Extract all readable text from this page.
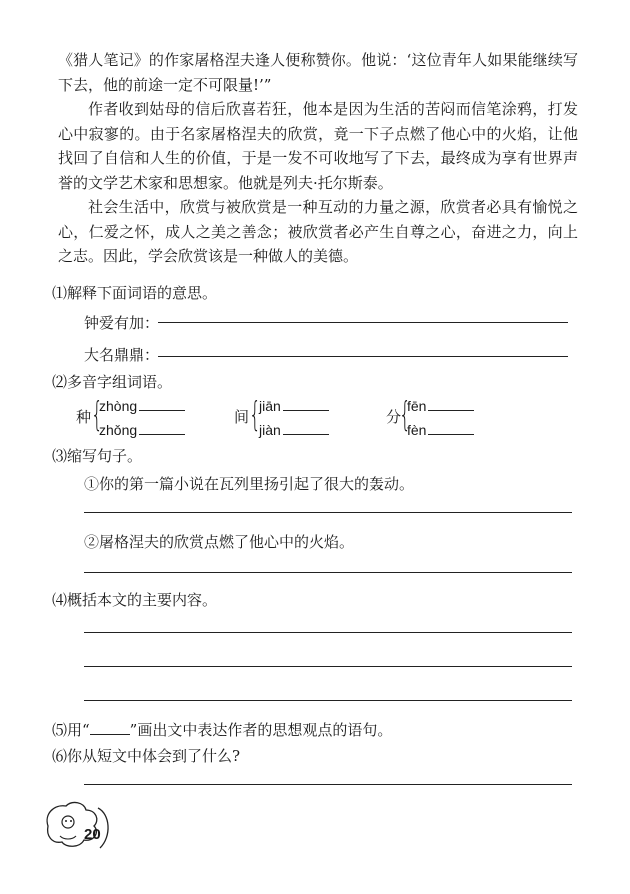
《猎人笔记》的作家屠格涅夫逢人便称赞你。他说：‘这位青年人如果能继续写下去，他的前途一定不可限量!’”

作者收到姑母的信后欣喜若狂，他本是因为生活的苦闷而信笔涂鸦，打发心中寂寥的。由于名家屠格涅夫的欣赏，竟一下子点燃了他心中的火焰，让他找回了自信和人生的价值，于是一发不可收地写了下去，最终成为享有世界声誉的文学艺术家和思想家。他就是列夫·托尔斯泰。

社会生活中，欣赏与被欣赏是一种互动的力量之源，欣赏者必具有愉悦之心，仁爱之怀，成人之美之善念；被欣赏者必产生自尊之心，奋进之力，向上之志。因此，学会欣赏该是一种做人的美德。

⑴解释下面词语的意思。

钟爱有加：

大名鼎鼎：

⑵多音字组词语。

种 {
zhòng
zhǒng
间 {
jiān
jiàn
分
{
fēn
fèn

⑶缩写句子。

①你的第一篇小说在瓦列里扬引起了很大的轰动。

②屠格涅夫的欣赏点燃了他心中的火焰。

⑷概括本文的主要内容。

⑸用“	”画出文中表达作者的思想观点的语句。

⑹你从短文中体会到了什么?

20
